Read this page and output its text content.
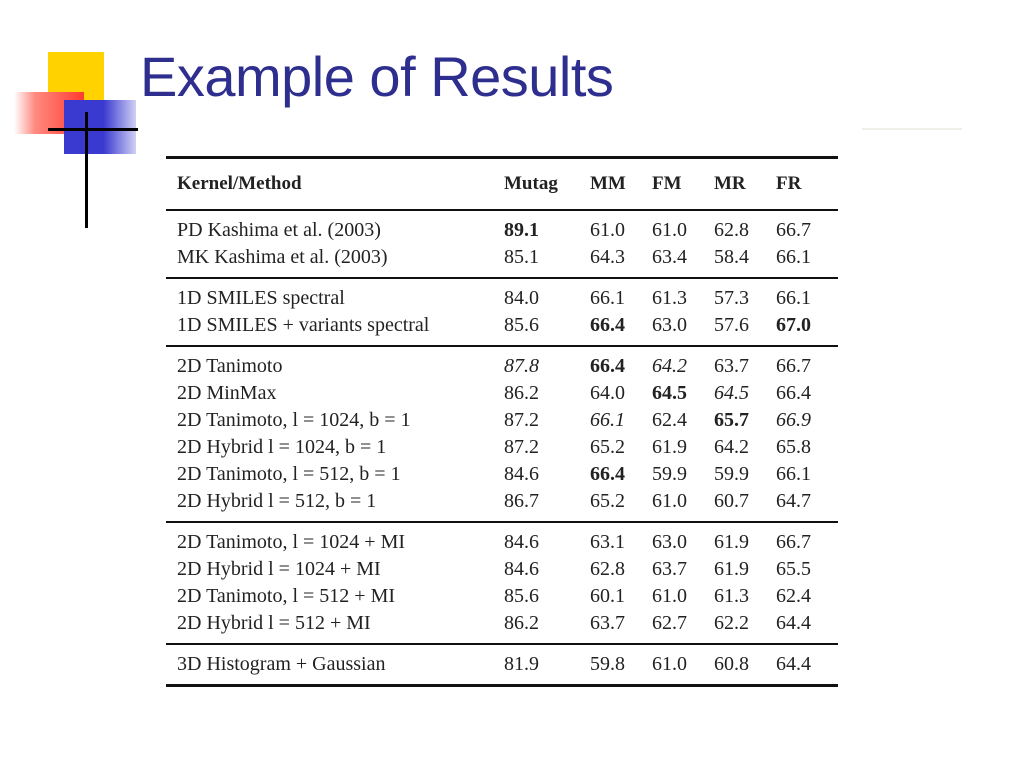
Example of Results
Kernel/Method	Mutag	MM	FM	MR	FR
PD Kashima et al. (2003)	89.1	61.0	61.0	62.8	66.7
MK Kashima et al. (2003)	85.1	64.3	63.4	58.4	66.1
1D SMILES spectral	84.0	66.1	61.3	57.3	66.1
1D SMILES + variants spectral	85.6	66.4	63.0	57.6	67.0
2D Tanimoto	87.8	66.4	64.2	63.7	66.7
2D MinMax	86.2	64.0	64.5	64.5	66.4
2D Tanimoto, l = 1024, b = 1	87.2	66.1	62.4	65.7	66.9
2D Hybrid l = 1024, b = 1	87.2	65.2	61.9	64.2	65.8
2D Tanimoto, l = 512, b = 1	84.6	66.4	59.9	59.9	66.1
2D Hybrid l = 512, b = 1	86.7	65.2	61.0	60.7	64.7
2D Tanimoto, l = 1024 + MI	84.6	63.1	63.0	61.9	66.7
2D Hybrid l = 1024 + MI	84.6	62.8	63.7	61.9	65.5
2D Tanimoto, l = 512 + MI	85.6	60.1	61.0	61.3	62.4
2D Hybrid l = 512 + MI	86.2	63.7	62.7	62.2	64.4
3D Histogram + Gaussian	81.9	59.8	61.0	60.8	64.4
